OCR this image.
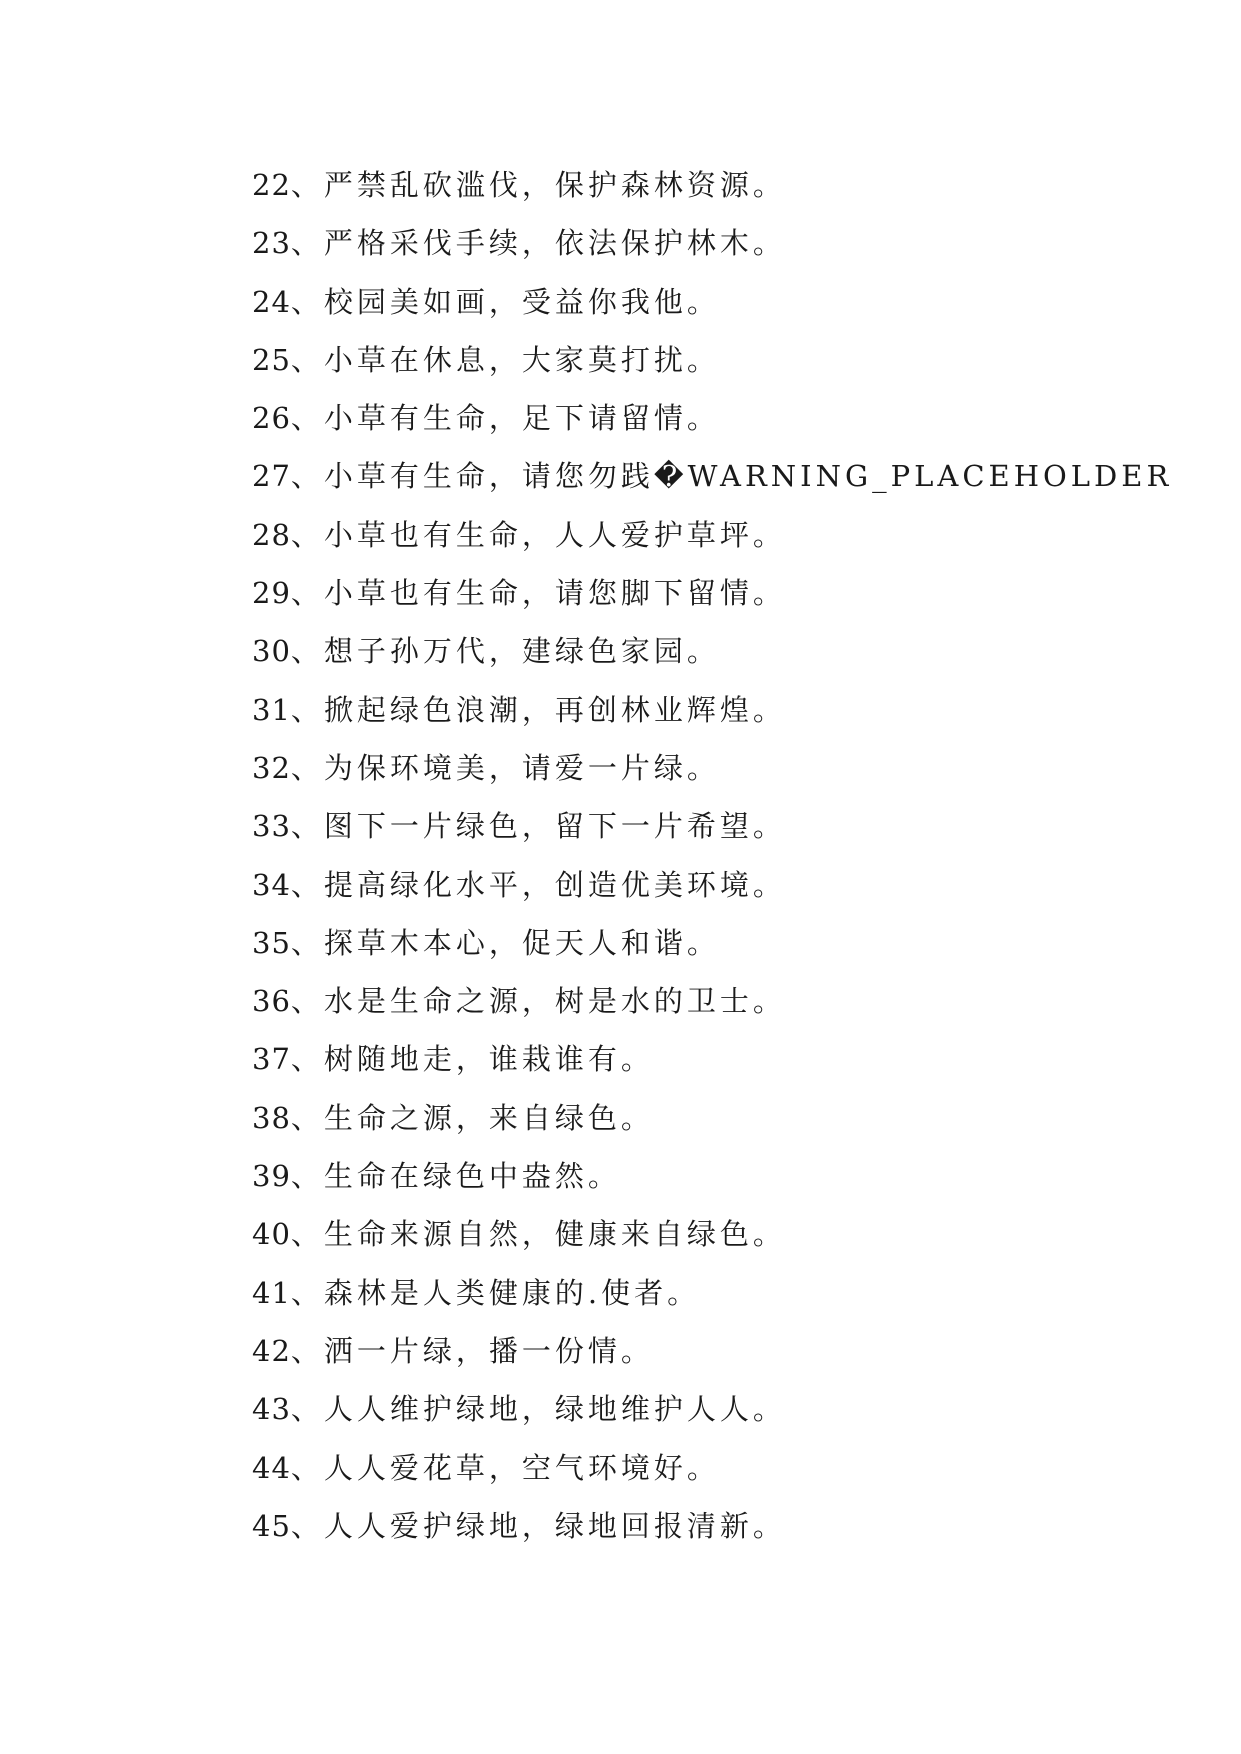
22、严禁乱砍滥伐，保护森林资源。
23、严格采伐手续，依法保护林木。
24、校园美如画，受益你我他。
25、小草在休息，大家莫打扰。
26、小草有生命，足下请留情。
27、小草有生命，请您勿践�WARNING_PLACEHOLDER
28、小草也有生命，人人爱护草坪。
29、小草也有生命，请您脚下留情。
30、想子孙万代，建绿色家园。
31、掀起绿色浪潮，再创林业辉煌。
32、为保环境美，请爱一片绿。
33、图下一片绿色，留下一片希望。
34、提高绿化水平，创造优美环境。
35、探草木本心，促天人和谐。
36、水是生命之源，树是水的卫士。
37、树随地走，谁栽谁有。
38、生命之源，来自绿色。
39、生命在绿色中盎然。
40、生命来源自然，健康来自绿色。
41、森林是人类健康的.使者。
42、洒一片绿，播一份情。
43、人人维护绿地，绿地维护人人。
44、人人爱花草，空气环境好。
45、人人爱护绿地，绿地回报清新。
